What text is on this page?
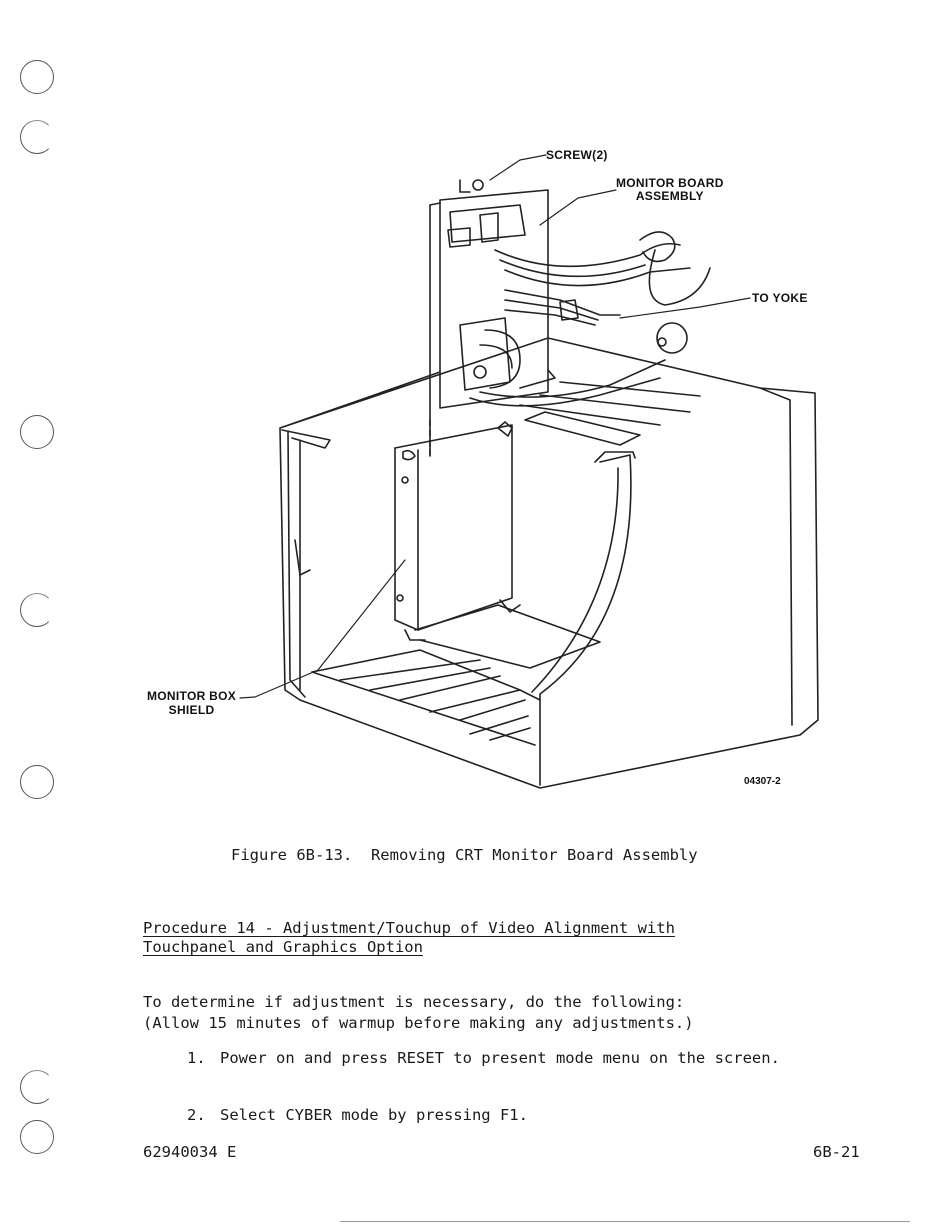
SCREW(2)
MONITOR BOARD
ASSEMBLY
TO YOKE
MONITOR BOX
SHIELD
04307-2
Figure 6B-13.  Removing CRT Monitor Board Assembly
Procedure 14 - Adjustment/Touchup of Video Alignment with
Touchpanel and Graphics Option
To determine if adjustment is necessary, do the following:
(Allow 15 minutes of warmup before making any adjustments.)
1. Power on and press RESET to present mode menu on the screen.
2. Select CYBER mode by pressing F1.
62940034 E	6B-21
